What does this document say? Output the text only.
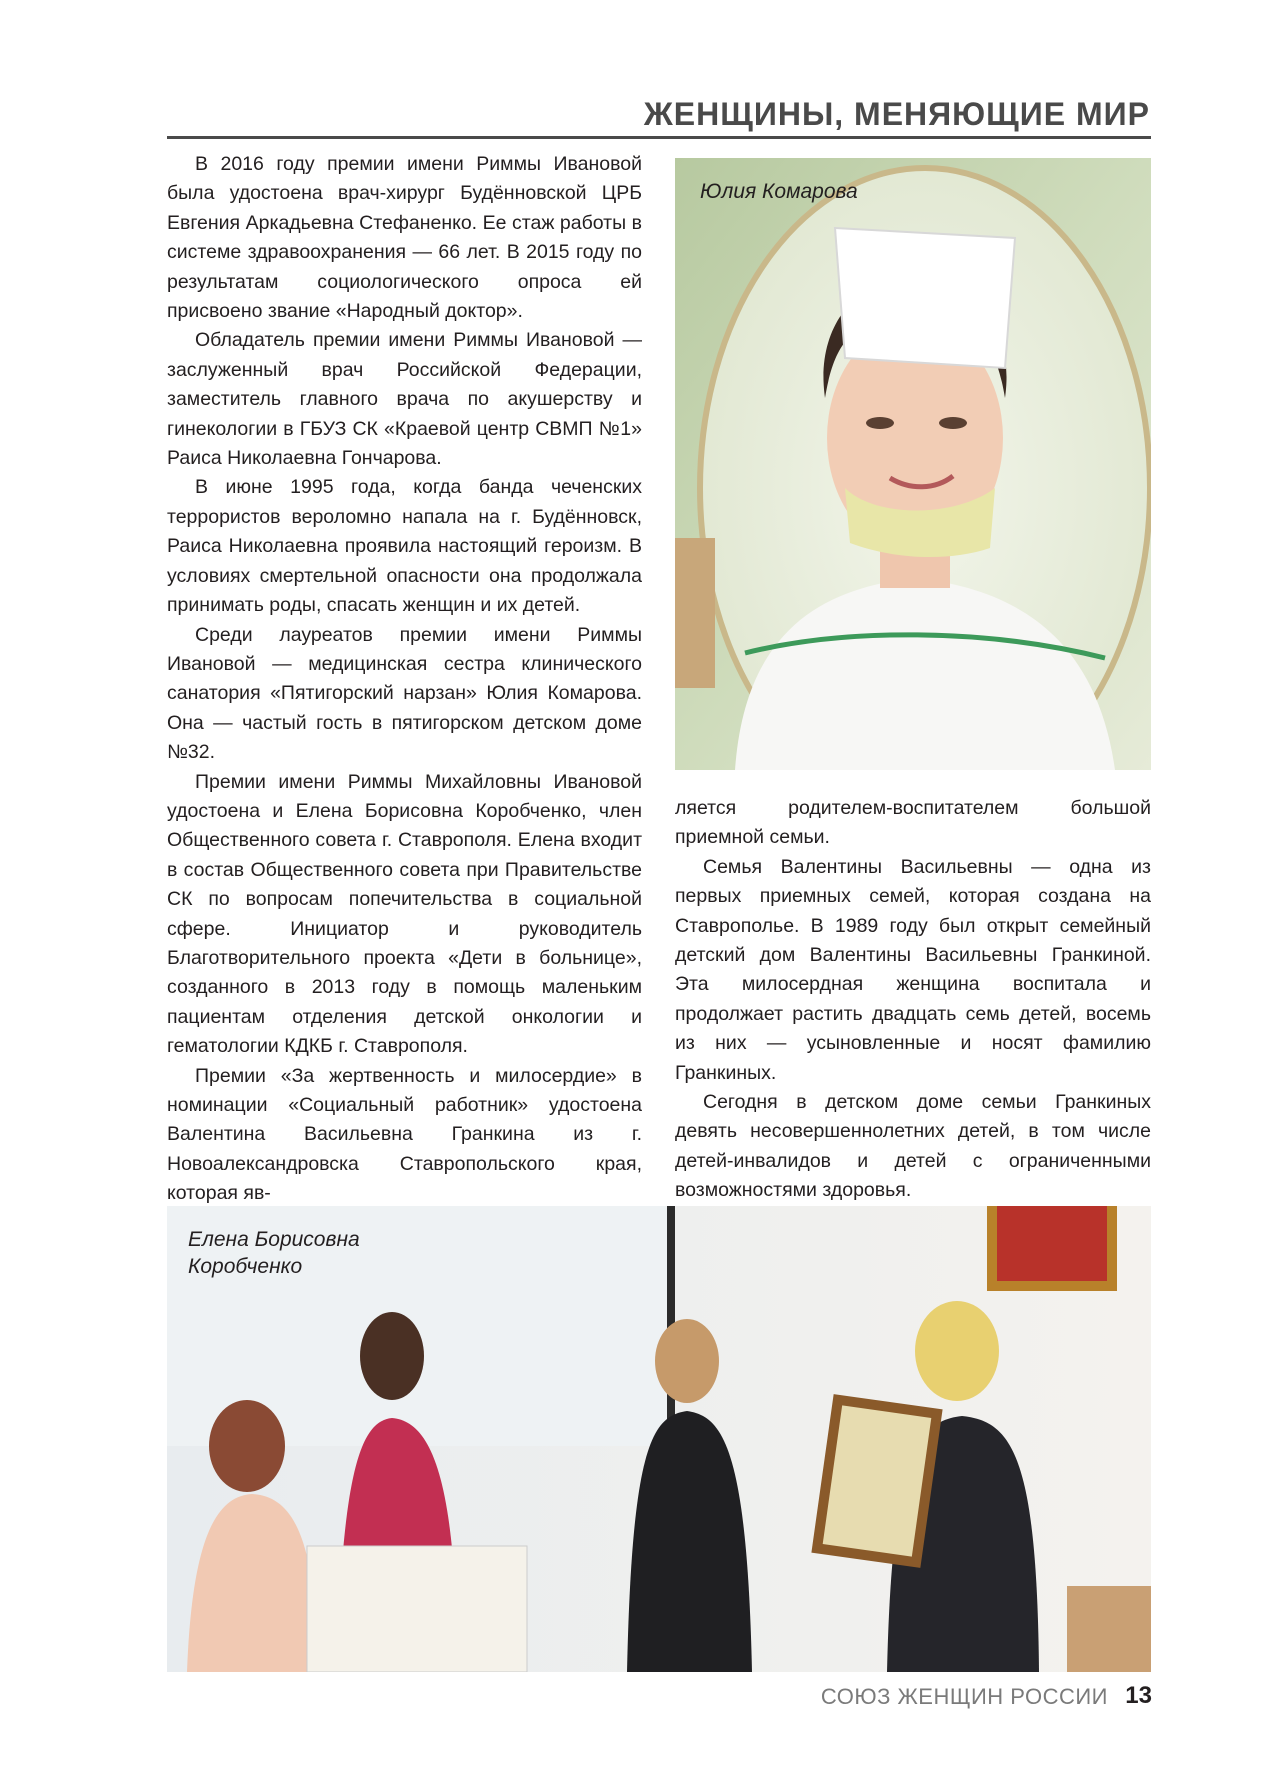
ЖЕНЩИНЫ, МЕНЯЮЩИЕ МИР

В 2016 году премии имени Риммы Ивановой была удостоена врач-хирург Будённовской ЦРБ Евгения Аркадьевна Стефаненко. Ее стаж работы в системе здравоохранения — 66 лет. В 2015 году по результатам социологического опроса ей присвоено звание «Народный доктор».

Обладатель премии имени Риммы Ивановой — заслуженный врач Российской Федерации, заместитель главного врача по акушерству и гинекологии в ГБУЗ СК «Краевой центр СВМП №1» Раиса Николаевна Гончарова.

В июне 1995 года, когда банда чеченских террористов вероломно напала на г. Будённовск, Раиса Николаевна проявила настоящий героизм. В условиях смертельной опасности она продолжала принимать роды, спасать женщин и их детей.

Среди лауреатов премии имени Риммы Ивановой — медицинская сестра клинического санатория «Пятигорский нарзан» Юлия Комарова. Она — частый гость в пятигорском детском доме №32.

Премии имени Риммы Михайловны Ивановой удостоена и Елена Борисовна Коробченко, член Общественного совета г. Ставрополя. Елена входит в состав Общественного совета при Правительстве СК по вопросам попечительства в социальной сфере. Инициатор и руководитель Благотворительного проекта «Дети в больнице», созданного в 2013 году в помощь маленьким пациентам отделения детской онкологии и гематологии КДКБ г. Ставрополя.

Премии «За жертвенность и милосердие» в номинации «Социальный работник» удостоена Валентина Васильевна Гранкина из г. Новоалександровска Ставропольского края, которая яв-

Юлия Комарова

ляется родителем-воспитателем большой приемной семьи.

Семья Валентины Васильевны — одна из первых приемных семей, которая создана на Ставрополье. В 1989 году был открыт семейный детский дом Валентины Васильевны Гранкиной. Эта милосердная женщина воспитала и продолжает растить двадцать семь детей, восемь из них — усыновленные и носят фамилию Гранкиных.

Сегодня в детском доме семьи Гранкиных девять несовершеннолетних детей, в том числе детей-инвалидов и детей с ограниченными возможностями здоровья.

Елена Борисовна Коробченко
СОЮЗ ЖЕНЩИН РОССИИ 13
